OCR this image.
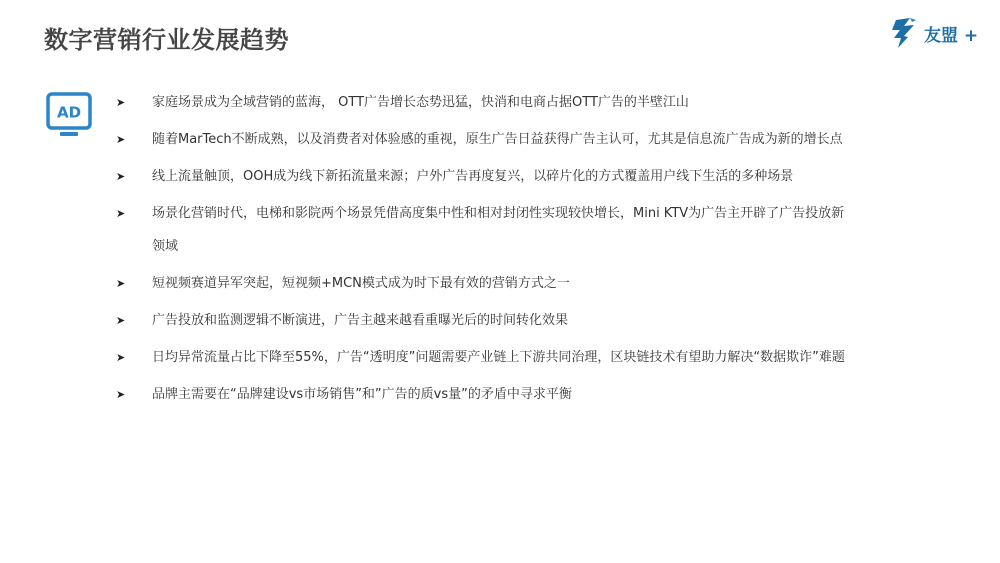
数字营销行业发展趋势	友盟 +
AD
➤ 家庭场景成为全域营销的蓝海， OTT广告增长态势迅猛，快消和电商占据OTT广告的半壁江山
➤ 随着MarTech不断成熟，以及消费者对体验感的重视，原生广告日益获得广告主认可，尤其是信息流广告成为新的增长点
➤ 线上流量触顶，OOH成为线下新拓流量来源；户外广告再度复兴，以碎片化的方式覆盖用户线下生活的多种场景
➤ 场景化营销时代，电梯和影院两个场景凭借高度集中性和相对封闭性实现较快增长，Mini KTV为广告主开辟了广告投放新领域
➤ 短视频赛道异军突起，短视频+MCN模式成为时下最有效的营销方式之一
➤ 广告投放和监测逻辑不断演进，广告主越来越看重曝光后的时间转化效果
➤ 日均异常流量占比下降至55%，广告“透明度”问题需要产业链上下游共同治理，区块链技术有望助力解决“数据欺诈”难题
➤ 品牌主需要在“品牌建设vs市场销售”和”广告的质vs量”的矛盾中寻求平衡
